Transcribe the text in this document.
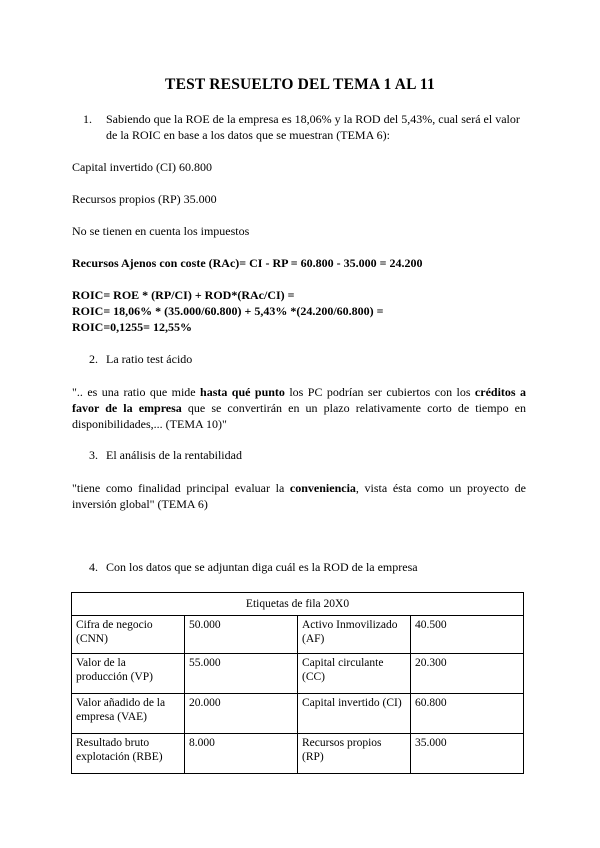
TEST RESUELTO DEL TEMA 1 AL 11
1. Sabiendo que la ROE de la empresa es 18,06% y la ROD del 5,43%, cual será el valor
de la ROIC en base a los datos que se muestran (TEMA 6):
Capital invertido (CI) 60.800
Recursos propios (RP) 35.000
No se tienen en cuenta los impuestos
Recursos Ajenos con coste (RAc)= CI - RP = 60.800 - 35.000 = 24.200
ROIC= ROE * (RP/CI) + ROD*(RAc/CI) =
ROIC= 18,06% * (35.000/60.800) + 5,43% *(24.200/60.800) =
ROIC=0,1255= 12,55%
2. La ratio test ácido
".. es una ratio que mide hasta qué punto los PC podrían ser cubiertos con los créditos a favor de la empresa que se convertirán en un plazo relativamente corto de tiempo en disponibilidades,... (TEMA 10)"
3. El análisis de la rentabilidad
"tiene como finalidad principal evaluar la conveniencia, vista ésta como un proyecto de inversión global" (TEMA 6)
4. Con los datos que se adjuntan diga cuál es la ROD de la empresa
Etiquetas de fila 20X0			
Cifra de negocio (CNN)	50.000	Activo Inmovilizado (AF)	40.500
Valor de la producción (VP)	55.000	Capital circulante (CC)	20.300
Valor añadido de la empresa (VAE)	20.000	Capital invertido (CI)	60.800
Resultado bruto explotación (RBE)	8.000	Recursos propios (RP)	35.000
